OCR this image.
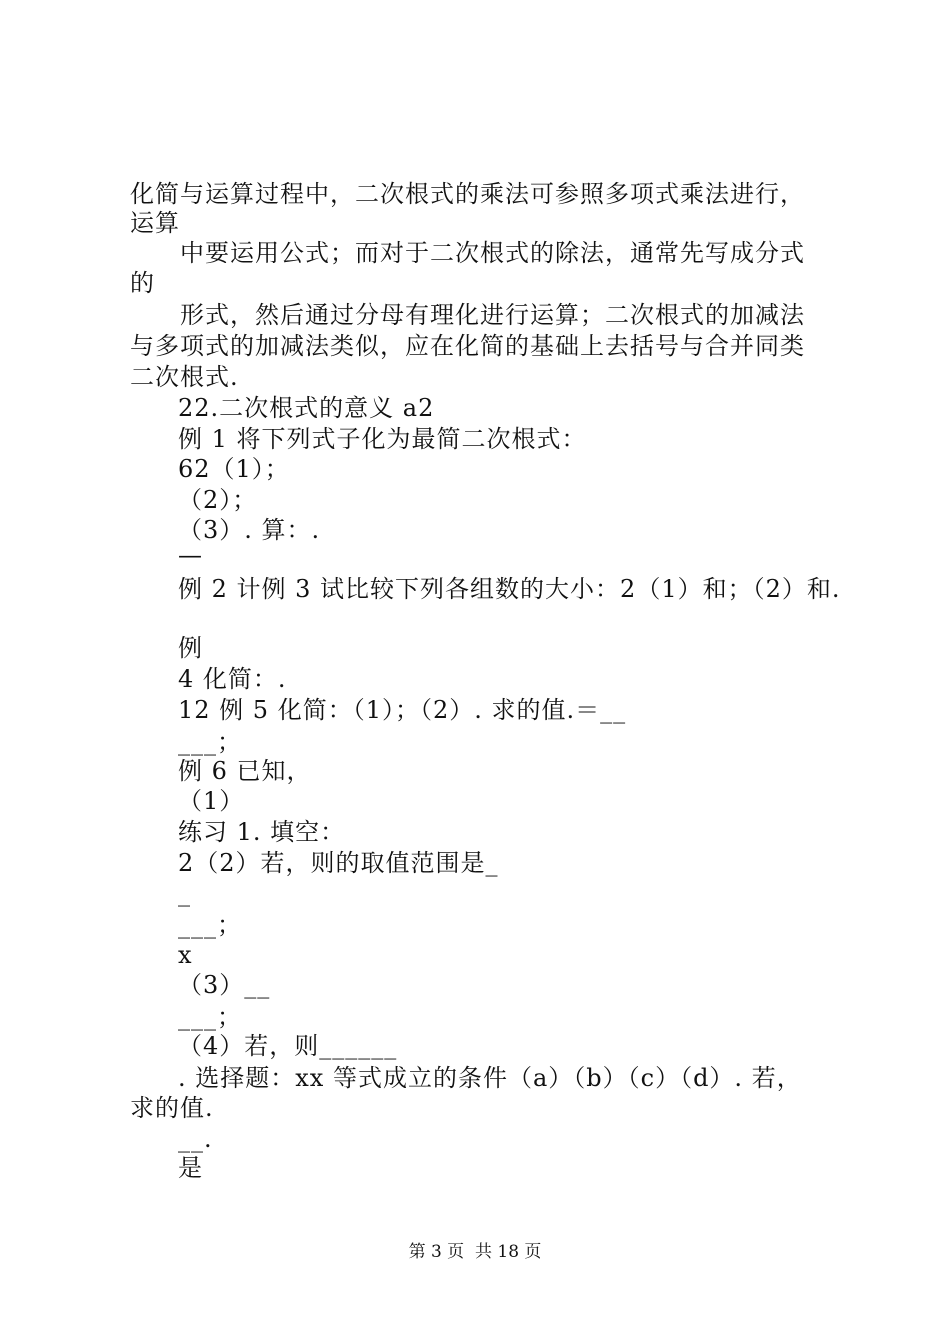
化简与运算过程中，二次根式的乘法可参照多项式乘法进行，
运算
中要运用公式；而对于二次根式的除法，通常先写成分式
的
形式，然后通过分母有理化进行运算；二次根式的加减法
与多项式的加减法类似，应在化简的基础上去括号与合并同类
二次根式.
22.二次根式的意义 a2
例 1 将下列式子化为最简二次根式：
62（1）；
（2）；
（3）. 算：.
—
例 2 计例 3 试比较下列各组数的大小：2（1）和；（2）和.
例
4 化简：.
12 例 5 化简：（1）；（2）. 求的值.＝__
___；
例 6 已知，
（1）
练习 1. 填空：
2（2）若，则的取值范围是_
_
___；
x
（3）__
___；
（4）若，则______
. 选择题：xx 等式成立的条件（a）（b）（c）（d）. 若，
求的值.
__.
是
第 3 页  共 18 页
